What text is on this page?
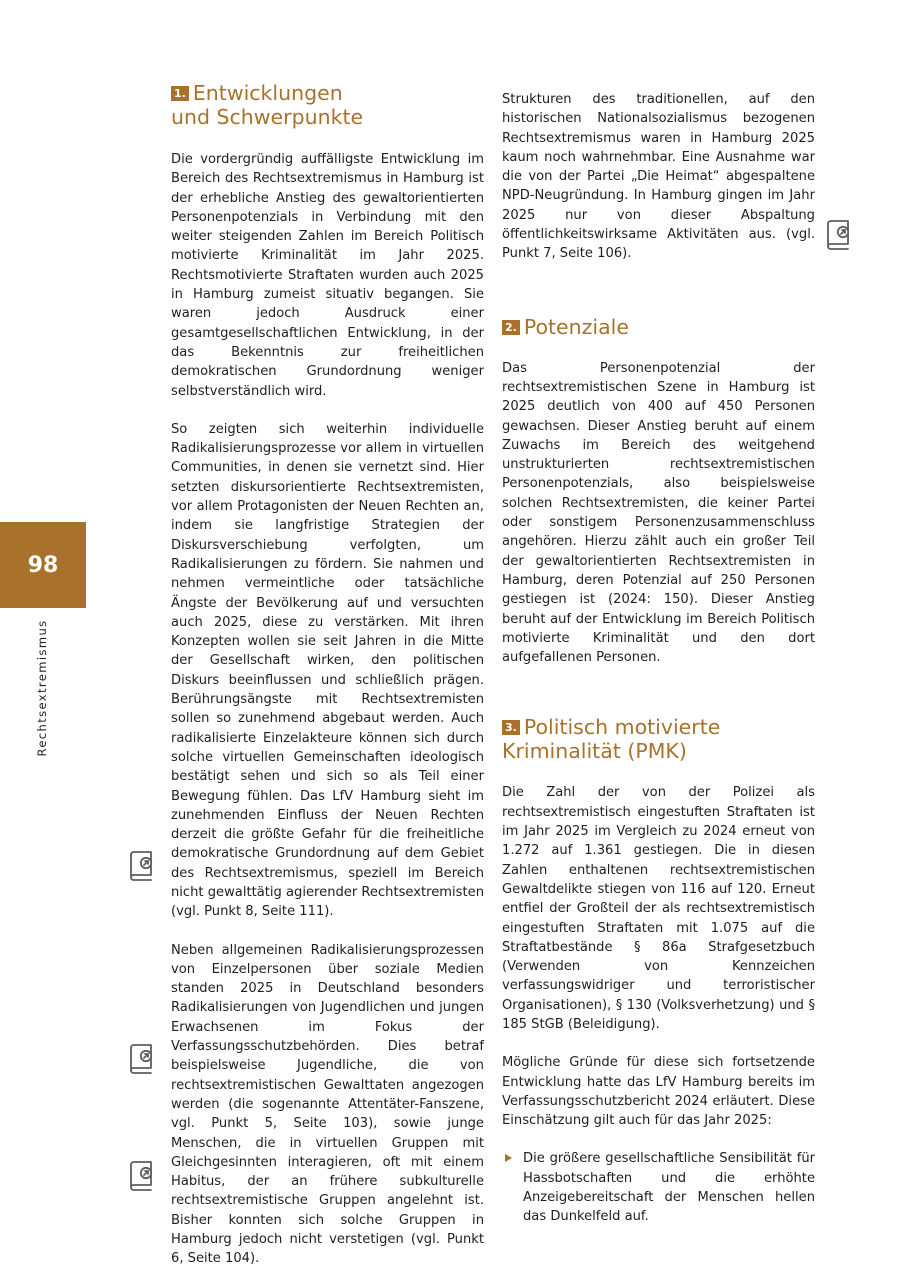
98
Rechtsextremismus
1. Entwicklungen
und Schwerpunkte

Die vordergründig auffälligste Entwicklung im Bereich des Rechtsextremismus in Hamburg ist der erhebliche Anstieg des gewaltorientierten Personenpotenzials in Verbindung mit den weiter steigenden Zahlen im Bereich Politisch motivierte Kriminalität im Jahr 2025. Rechtsmotivierte Straftaten wurden auch 2025 in Hamburg zumeist situativ begangen. Sie waren jedoch Ausdruck einer gesamtgesellschaftlichen Entwicklung, in der das Bekenntnis zur freiheitlichen demokratischen Grundordnung weniger selbstverständlich wird.

So zeigten sich weiterhin individuelle Radikalisierungsprozesse vor allem in virtuellen Communities, in denen sie vernetzt sind. Hier setzten diskursorientierte Rechtsextremisten, vor allem Protagonisten der Neuen Rechten an, indem sie langfristige Strategien der Diskursverschiebung verfolgten, um Radikalisierungen zu fördern. Sie nahmen und nehmen vermeintliche oder tatsächliche Ängste der Bevölkerung auf und versuchten auch 2025, diese zu verstärken. Mit ihren Konzepten wollen sie seit Jahren in die Mitte der Gesellschaft wirken, den politischen Diskurs beeinflussen und schließlich prägen. Berührungsängste mit Rechtsextremisten sollen so zunehmend abgebaut werden. Auch radikalisierte Einzelakteure können sich durch solche virtuellen Gemeinschaften ideologisch bestätigt sehen und sich so als Teil einer Bewegung fühlen. Das LfV Hamburg sieht im zunehmenden Einfluss der Neuen Rechten derzeit die größte Gefahr für die freiheitliche demokratische Grundordnung auf dem Gebiet des Rechtsextremismus, speziell im Bereich nicht gewalttätig agierender Rechtsextremisten (vgl. Punkt 8, Seite 111).

Neben allgemeinen Radikalisierungsprozessen von Einzelpersonen über soziale Medien standen 2025 in Deutschland besonders Radikalisierungen von Jugendlichen und jungen Erwachsenen im Fokus der Verfassungsschutzbehörden. Dies betraf beispielsweise Jugendliche, die von rechtsextremistischen Gewalttaten angezogen werden (die sogenannte Attentäter-Fanszene, vgl. Punkt 5, Seite 103), sowie junge Menschen, die in virtuellen Gruppen mit Gleichgesinnten interagieren, oft mit einem Habitus, der an frühere subkulturelle rechtsextremistische Gruppen angelehnt ist. Bisher konnten sich solche Gruppen in Hamburg jedoch nicht verstetigen (vgl. Punkt 6, Seite 104).

Strukturen des traditionellen, auf den historischen Nationalsozialismus bezogenen Rechtsextremismus waren in Hamburg 2025 kaum noch wahrnehmbar. Eine Ausnahme war die von der Partei „Die Heimat“ abgespaltene NPD-Neugründung. In Hamburg gingen im Jahr 2025 nur von dieser Abspaltung öffentlichkeitswirksame Aktivitäten aus. (vgl. Punkt 7, Seite 106).

2. Potenziale

Das Personenpotenzial der rechtsextremistischen Szene in Hamburg ist 2025 deutlich von 400 auf 450 Personen gewachsen. Dieser Anstieg beruht auf einem Zuwachs im Bereich des weitgehend unstrukturierten rechtsextremistischen Personenpotenzials, also beispielsweise solchen Rechtsextremisten, die keiner Partei oder sonstigem Personenzusammenschluss angehören. Hierzu zählt auch ein großer Teil der gewaltorientierten Rechtsextremisten in Hamburg, deren Potenzial auf 250 Personen gestiegen ist (2024: 150). Dieser Anstieg beruht auf der Entwicklung im Bereich Politisch motivierte Kriminalität und den dort aufgefallenen Personen.

3. Politisch motivierte
Kriminalität (PMK)

Die Zahl der von der Polizei als rechtsextremistisch eingestuften Straftaten ist im Jahr 2025 im Vergleich zu 2024 erneut von 1.272 auf 1.361 gestiegen. Die in diesen Zahlen enthaltenen rechtsextremistischen Gewaltdelikte stiegen von 116 auf 120. Erneut entfiel der Großteil der als rechtsextremistisch eingestuften Straftaten mit 1.075 auf die Straftatbestände § 86a Strafgesetzbuch (Verwenden von Kennzeichen verfassungswidriger und terroristischer Organisationen), § 130 (Volksverhetzung) und § 185 StGB (Beleidigung).

Mögliche Gründe für diese sich fortsetzende Entwicklung hatte das LfV Hamburg bereits im Verfassungsschutzbericht 2024 erläutert. Diese Einschätzung gilt auch für das Jahr 2025:

Die größere gesellschaftliche Sensibilität für Hassbotschaften und die erhöhte Anzeigebereitschaft der Menschen hellen das Dunkelfeld auf.
